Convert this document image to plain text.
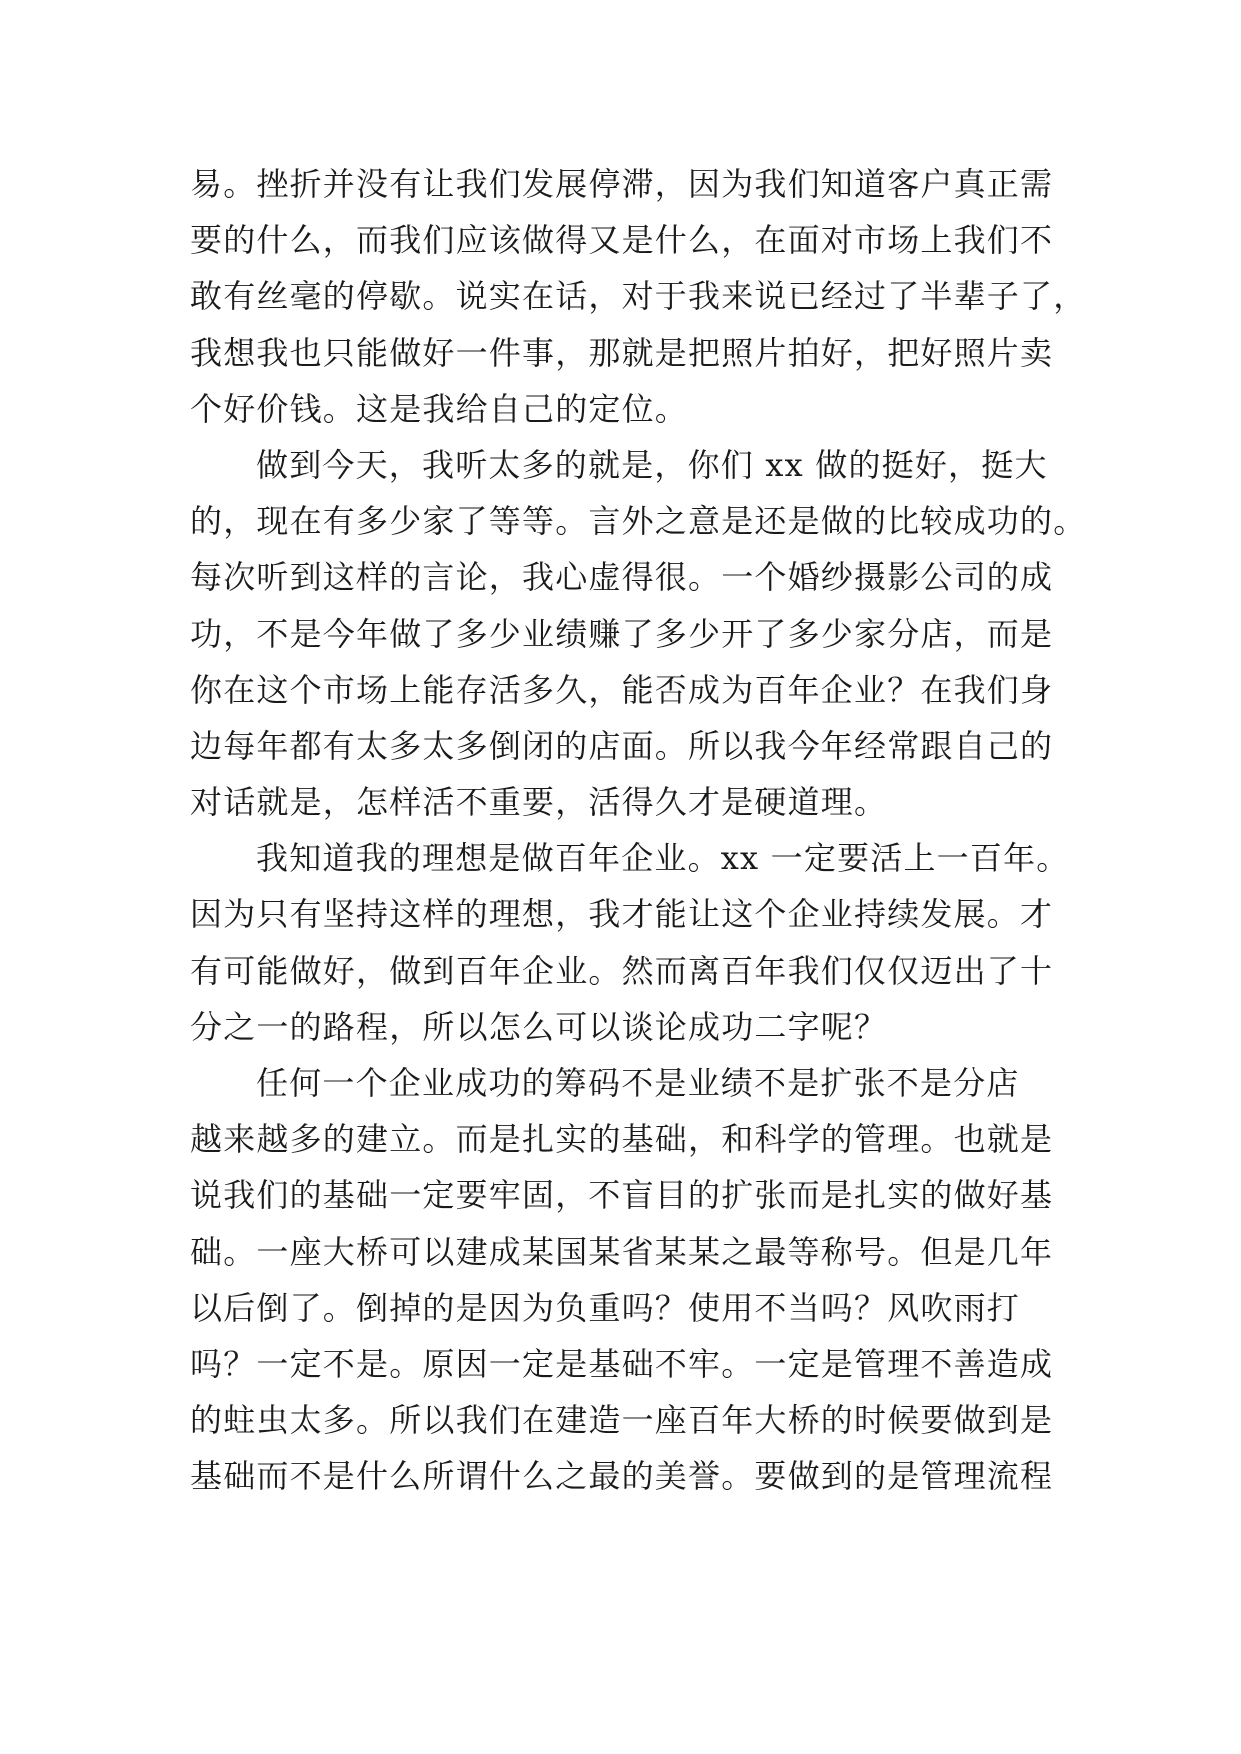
易。挫折并没有让我们发展停滞，因为我们知道客户真正需
要的什么，而我们应该做得又是什么，在面对市场上我们不
敢有丝毫的停歇。说实在话，对于我来说已经过了半辈子了，
我想我也只能做好一件事，那就是把照片拍好，把好照片卖
个好价钱。这是我给自己的定位。
做到今天，我听太多的就是，你们 xx 做的挺好，挺大
的，现在有多少家了等等。言外之意是还是做的比较成功的。
每次听到这样的言论，我心虚得很。一个婚纱摄影公司的成
功，不是今年做了多少业绩赚了多少开了多少家分店，而是
你在这个市场上能存活多久，能否成为百年企业？在我们身
边每年都有太多太多倒闭的店面。所以我今年经常跟自己的
对话就是，怎样活不重要，活得久才是硬道理。
我知道我的理想是做百年企业。xx 一定要活上一百年。
因为只有坚持这样的理想，我才能让这个企业持续发展。才
有可能做好，做到百年企业。然而离百年我们仅仅迈出了十
分之一的路程，所以怎么可以谈论成功二字呢？
任何一个企业成功的筹码不是业绩不是扩张不是分店
越来越多的建立。而是扎实的基础，和科学的管理。也就是
说我们的基础一定要牢固，不盲目的扩张而是扎实的做好基
础。一座大桥可以建成某国某省某某之最等称号。但是几年
以后倒了。倒掉的是因为负重吗？使用不当吗？风吹雨打
吗？一定不是。原因一定是基础不牢。一定是管理不善造成
的蛀虫太多。所以我们在建造一座百年大桥的时候要做到是
基础而不是什么所谓什么之最的美誉。要做到的是管理流程
